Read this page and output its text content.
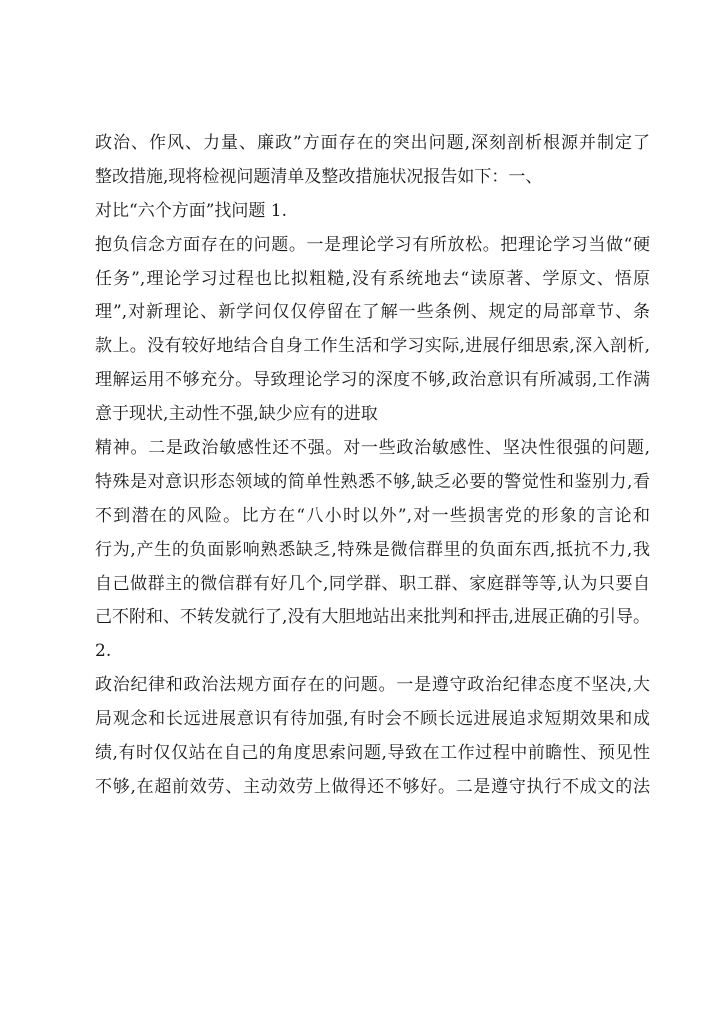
政治、作风、力量、廉政”方面存在的突出问题,深刻剖析根源并制定了
整改措施,现将检视问题清单及整改措施状况报告如下：一、
对比“六个方面”找问题 1.
抱负信念方面存在的问题。一是理论学习有所放松。把理论学习当做“硬
任务”,理论学习过程也比拟粗糙,没有系统地去“读原著、学原文、悟原
理”,对新理论、新学问仅仅停留在了解一些条例、规定的局部章节、条
款上。没有较好地结合自身工作生活和学习实际,进展仔细思索,深入剖析,
理解运用不够充分。导致理论学习的深度不够,政治意识有所减弱,工作满
意于现状,主动性不强,缺少应有的进取
精神。二是政治敏感性还不强。对一些政治敏感性、坚决性很强的问题,
特殊是对意识形态领域的简单性熟悉不够,缺乏必要的警觉性和鉴别力,看
不到潜在的风险。比方在“八小时以外”,对一些损害党的形象的言论和
行为,产生的负面影响熟悉缺乏,特殊是微信群里的负面东西,抵抗不力,我
自己做群主的微信群有好几个,同学群、职工群、家庭群等等,认为只要自
己不附和、不转发就行了,没有大胆地站出来批判和抨击,进展正确的引导。
2.
政治纪律和政治法规方面存在的问题。一是遵守政治纪律态度不坚决,大
局观念和长远进展意识有待加强,有时会不顾长远进展追求短期效果和成
绩,有时仅仅站在自己的角度思索问题,导致在工作过程中前瞻性、预见性
不够,在超前效劳、主动效劳上做得还不够好。二是遵守执行不成文的法
